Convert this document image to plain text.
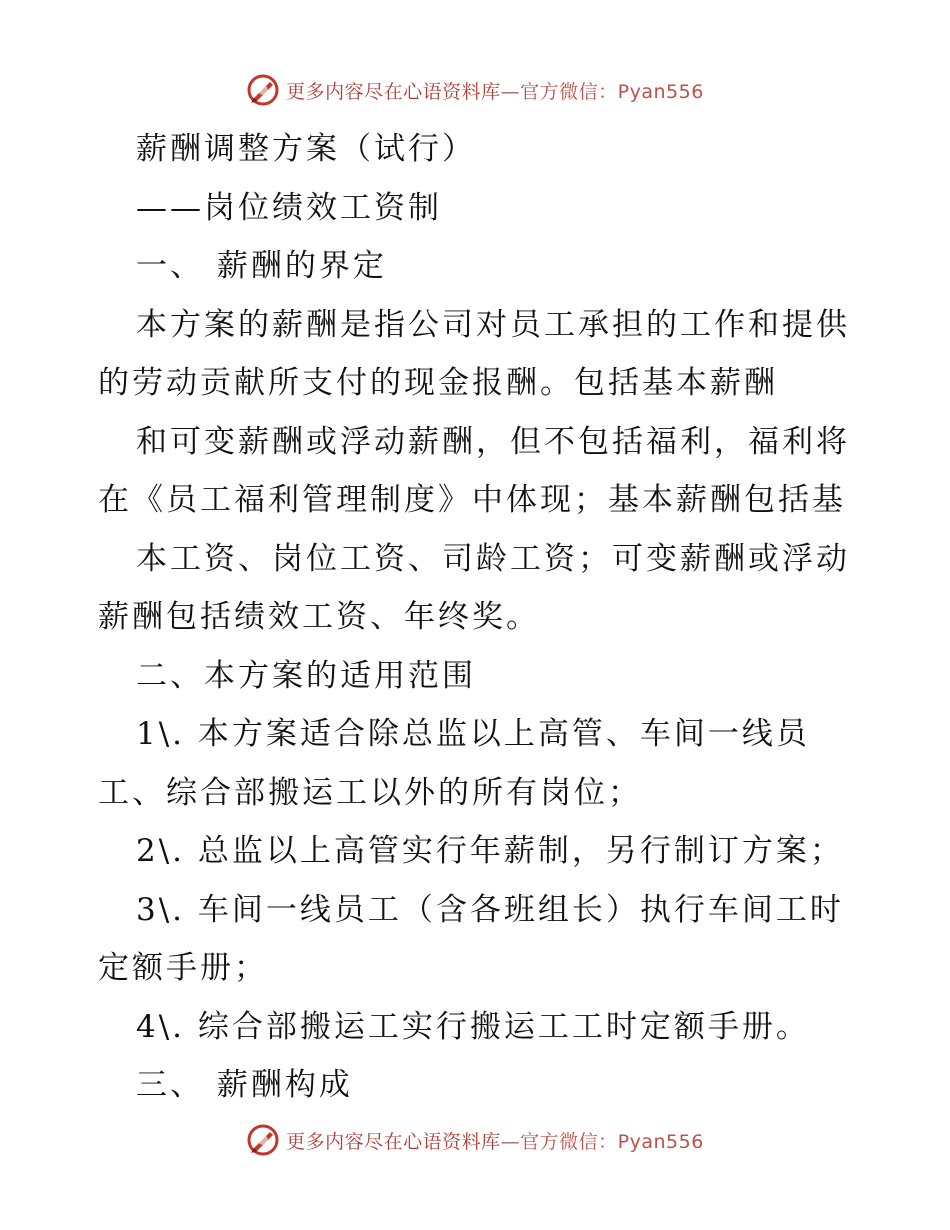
更多内容尽在心语资料库—官方微信：Pyan556
薪酬调整方案（试行）
——岗位绩效工资制
一、 薪酬的界定
本方案的薪酬是指公司对员工承担的工作和提供
的劳动贡献所支付的现金报酬。包括基本薪酬
和可变薪酬或浮动薪酬，但不包括福利，福利将
在《员工福利管理制度》中体现；基本薪酬包括基
本工资、岗位工资、司龄工资；可变薪酬或浮动
薪酬包括绩效工资、年终奖。
二、本方案的适用范围
1\. 本方案适合除总监以上高管、车间一线员
工、综合部搬运工以外的所有岗位；
2\. 总监以上高管实行年薪制，另行制订方案；
3\. 车间一线员工（含各班组长）执行车间工时
定额手册；
4\. 综合部搬运工实行搬运工工时定额手册。
三、 薪酬构成
更多内容尽在心语资料库—官方微信：Pyan556
